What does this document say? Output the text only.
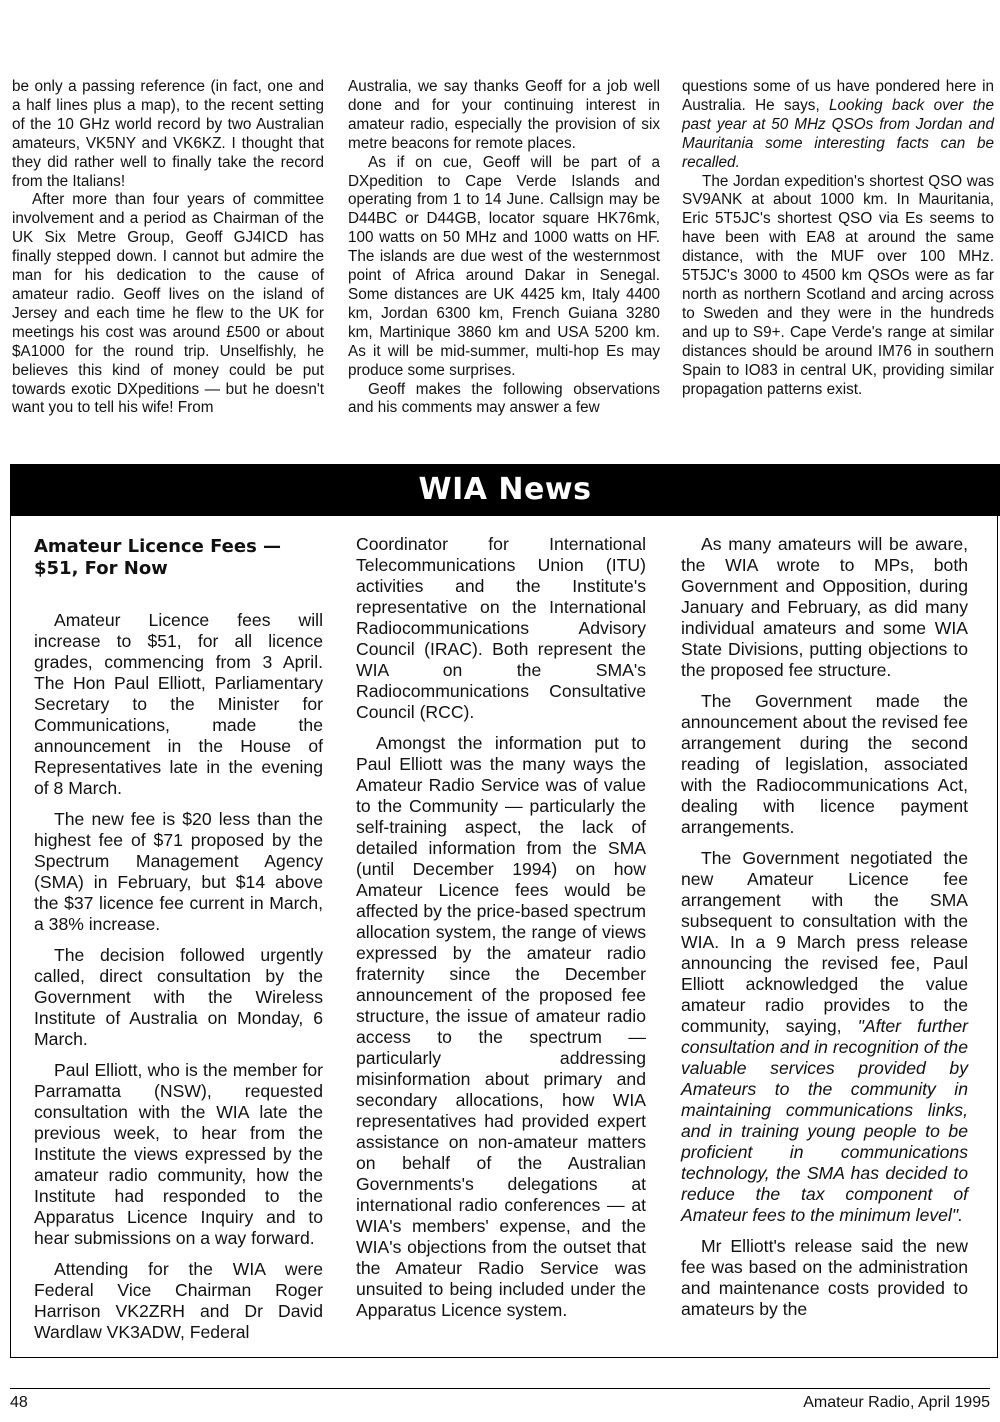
be only a passing reference (in fact, one and a half lines plus a map), to the recent setting of the 10 GHz world record by two Australian amateurs, VK5NY and VK6KZ. I thought that they did rather well to finally take the record from the Italians!

After more than four years of committee involvement and a period as Chairman of the UK Six Metre Group, Geoff GJ4ICD has finally stepped down. I cannot but admire the man for his dedication to the cause of amateur radio. Geoff lives on the island of Jersey and each time he flew to the UK for meetings his cost was around £500 or about $A1000 for the round trip. Unselfishly, he believes this kind of money could be put towards exotic DXpeditions — but he doesn't want you to tell his wife! From

Australia, we say thanks Geoff for a job well done and for your continuing interest in amateur radio, especially the provision of six metre beacons for remote places.

As if on cue, Geoff will be part of a DXpedition to Cape Verde Islands and operating from 1 to 14 June. Callsign may be D44BC or D44GB, locator square HK76mk, 100 watts on 50 MHz and 1000 watts on HF. The islands are due west of the westernmost point of Africa around Dakar in Senegal. Some distances are UK 4425 km, Italy 4400 km, Jordan 6300 km, French Guiana 3280 km, Martinique 3860 km and USA 5200 km. As it will be mid-summer, multi-hop Es may produce some surprises.

Geoff makes the following observations and his comments may answer a few

questions some of us have pondered here in Australia. He says, Looking back over the past year at 50 MHz QSOs from Jordan and Mauritania some interesting facts can be recalled.

The Jordan expedition's shortest QSO was SV9ANK at about 1000 km. In Mauritania, Eric 5T5JC's shortest QSO via Es seems to have been with EA8 at around the same distance, with the MUF over 100 MHz. 5T5JC's 3000 to 4500 km QSOs were as far north as northern Scotland and arcing across to Sweden and they were in the hundreds and up to S9+. Cape Verde's range at similar distances should be around IM76 in southern Spain to IO83 in central UK, providing similar propagation patterns exist.

WIA News

Amateur Licence Fees — $51, For Now

Amateur Licence fees will increase to $51, for all licence grades, commencing from 3 April. The Hon Paul Elliott, Parliamentary Secretary to the Minister for Communications, made the announcement in the House of Representatives late in the evening of 8 March.

The new fee is $20 less than the highest fee of $71 proposed by the Spectrum Management Agency (SMA) in February, but $14 above the $37 licence fee current in March, a 38% increase.

The decision followed urgently called, direct consultation by the Government with the Wireless Institute of Australia on Monday, 6 March.

Paul Elliott, who is the member for Parramatta (NSW), requested consultation with the WIA late the previous week, to hear from the Institute the views expressed by the amateur radio community, how the Institute had responded to the Apparatus Licence Inquiry and to hear submissions on a way forward.

Attending for the WIA were Federal Vice Chairman Roger Harrison VK2ZRH and Dr David Wardlaw VK3ADW, Federal

Coordinator for International Telecommunications Union (ITU) activities and the Institute's representative on the International Radiocommunications Advisory Council (IRAC). Both represent the WIA on the SMA's Radiocommunications Consultative Council (RCC).

Amongst the information put to Paul Elliott was the many ways the Amateur Radio Service was of value to the Community — particularly the self-training aspect, the lack of detailed information from the SMA (until December 1994) on how Amateur Licence fees would be affected by the price-based spectrum allocation system, the range of views expressed by the amateur radio fraternity since the December announcement of the proposed fee structure, the issue of amateur radio access to the spectrum — particularly addressing misinformation about primary and secondary allocations, how WIA representatives had provided expert assistance on non-amateur matters on behalf of the Australian Governments's delegations at international radio conferences — at WIA's members' expense, and the WIA's objections from the outset that the Amateur Radio Service was unsuited to being included under the Apparatus Licence system.

As many amateurs will be aware, the WIA wrote to MPs, both Government and Opposition, during January and February, as did many individual amateurs and some WIA State Divisions, putting objections to the proposed fee structure.

The Government made the announcement about the revised fee arrangement during the second reading of legislation, associated with the Radiocommunications Act, dealing with licence payment arrangements.

The Government negotiated the new Amateur Licence fee arrangement with the SMA subsequent to consultation with the WIA. In a 9 March press release announcing the revised fee, Paul Elliott acknowledged the value amateur radio provides to the community, saying, "After further consultation and in recognition of the valuable services provided by Amateurs to the community in maintaining communications links, and in training young people to be proficient in communications technology, the SMA has decided to reduce the tax component of Amateur fees to the minimum level".

Mr Elliott's release said the new fee was based on the administration and maintenance costs provided to amateurs by the

48	Amateur Radio, April 1995
